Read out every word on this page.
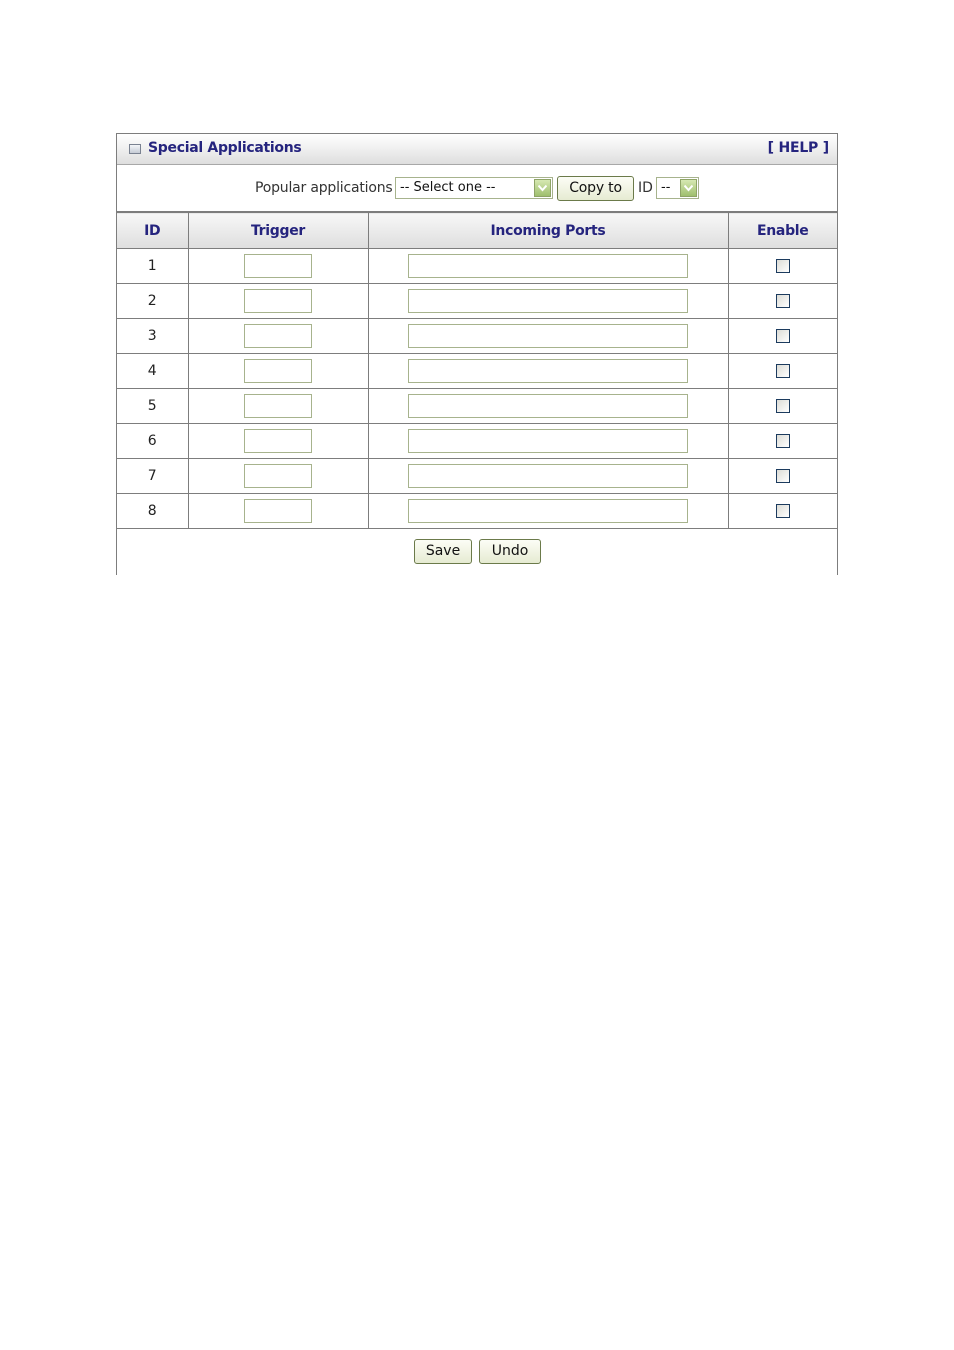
Special Applications	[ HELP ]
Popular applications -- Select one --	Copy to	ID --
ID	Trigger	Incoming Ports	Enable
1			
2			
3			
4			
5			
6			
7			
8			
Save	Undo
